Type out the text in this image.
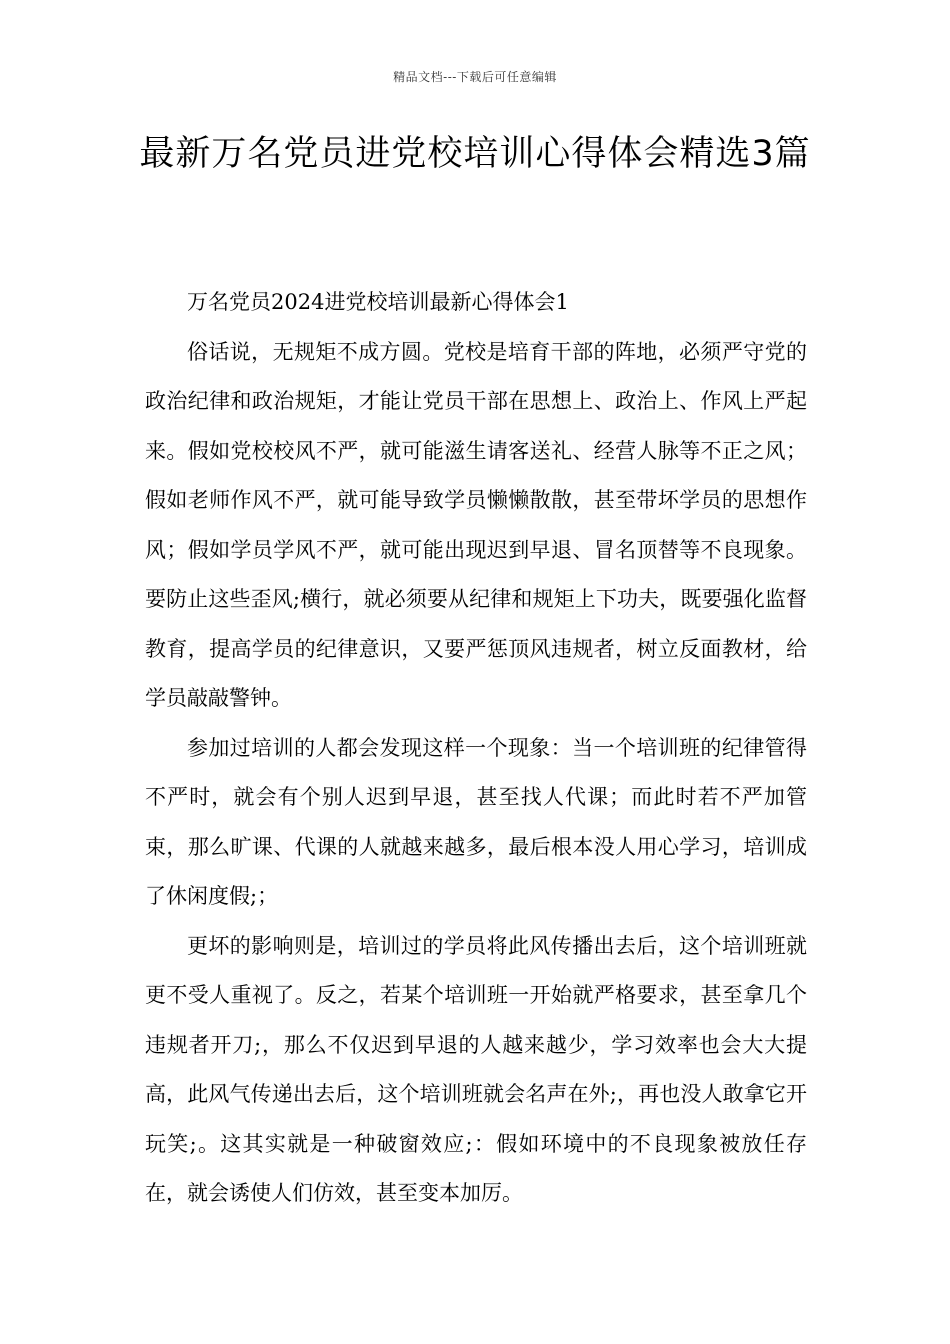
精品文档---下载后可任意编辑
最新万名党员进党校培训心得体会精选3篇

万名党员2024进党校培训最新心得体会1

俗话说，无规矩不成方圆。党校是培育干部的阵地，必须严守党的政治纪律和政治规矩，才能让党员干部在思想上、政治上、作风上严起来。假如党校校风不严，就可能滋生请客送礼、经营人脉等不正之风；假如老师作风不严，就可能导致学员懒懒散散，甚至带坏学员的思想作风；假如学员学风不严，就可能出现迟到早退、冒名顶替等不良现象。要防止这些歪风;横行，就必须要从纪律和规矩上下功夫，既要强化监督教育，提高学员的纪律意识，又要严惩顶风违规者，树立反面教材，给学员敲敲警钟。

参加过培训的人都会发现这样一个现象：当一个培训班的纪律管得不严时，就会有个别人迟到早退，甚至找人代课；而此时若不严加管束，那么旷课、代课的人就越来越多，最后根本没人用心学习，培训成了休闲度假;；

更坏的影响则是，培训过的学员将此风传播出去后，这个培训班就更不受人重视了。反之，若某个培训班一开始就严格要求，甚至拿几个违规者开刀;，那么不仅迟到早退的人越来越少，学习效率也会大大提高，此风气传递出去后，这个培训班就会名声在外;，再也没人敢拿它开玩笑;。这其实就是一种破窗效应;：假如环境中的不良现象被放任存在，就会诱使人们仿效，甚至变本加厉。
